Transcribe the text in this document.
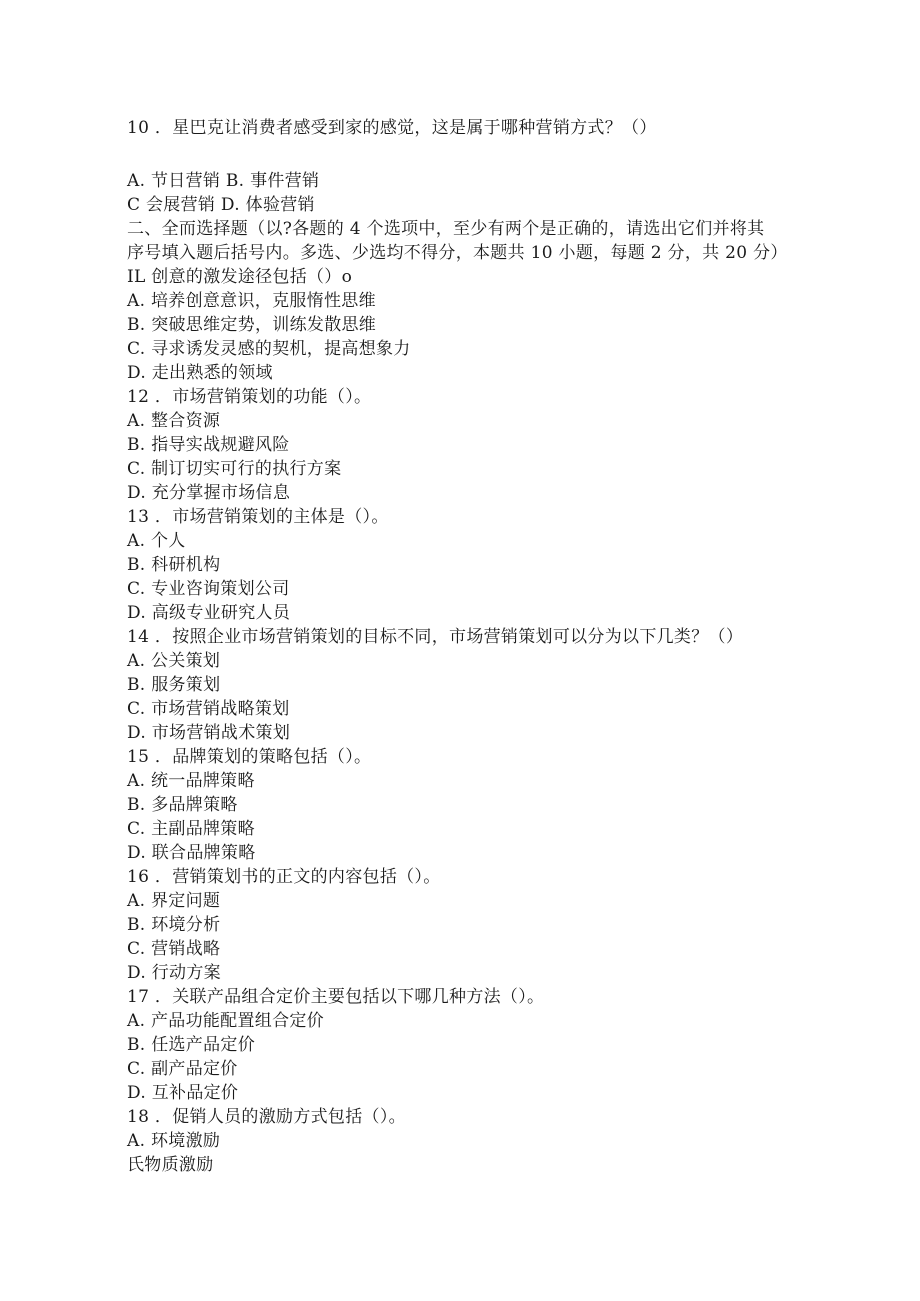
10 ．星巴克让消费者感受到家的感觉，这是属于哪种营销方式？（）
A. 节日营销 B. 事件营销
C 会展营销 D. 体验营销
二、全而选择题（以?各题的 4 个选项中，至少有两个是正确的，请选出它们并将其
序号填入题后括号内。多选、少选均不得分，本题共 10 小题，每题 2 分，共 20 分）
IL 创意的激发途径包括（）o
A. 培养创意意识，克服惰性思维
B. 突破思维定势，训练发散思维
C. 寻求诱发灵感的契机，提高想象力
D. 走出熟悉的领域
12 ．市场营销策划的功能（）。
A. 整合资源
B. 指导实战规避风险
C. 制订切实可行的执行方案
D. 充分掌握市场信息
13 ．市场营销策划的主体是（）。
A. 个人
B. 科研机构
C. 专业咨询策划公司
D. 高级专业研究人员
14 ．按照企业市场营销策划的目标不同，市场营销策划可以分为以下几类？（）
A. 公关策划
B. 服务策划
C. 市场营销战略策划
D. 市场营销战术策划
15 ．品牌策划的策略包括（）。
A. 统一品牌策略
B. 多品牌策略
C. 主副品牌策略
D. 联合品牌策略
16 ．营销策划书的正文的内容包括（）。
A. 界定问题
B. 环境分析
C. 营销战略
D. 行动方案
17 ．关联产品组合定价主要包括以下哪几种方法（）。
A. 产品功能配置组合定价
B. 任选产品定价
C. 副产品定价
D. 互补品定价
18 ．促销人员的激励方式包括（）。
A. 环境激励
氏物质激励
